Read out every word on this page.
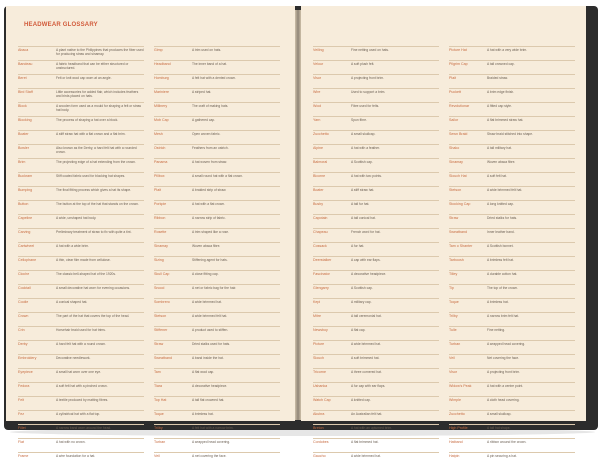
HEADWEAR GLOSSARY
Abaca	A plant native to the Philippines that produces the fiber used for producing straw and sinamay.
Bandeau	A fabric headband that can be either structured or unstructured.
Beret	Felt or knit wool cap worn at an angle.
Bird Staff	Little accessories for added flair, which includes feathers and birds placed on hats.
Block	A wooden form used as a mould for shaping a felt or straw hat body.
Blocking	The process of shaping a hat over a block.
Boater	A stiff straw hat with a flat crown and a flat brim.
Bowler	Also known as the Derby, a hard felt hat with a rounded crown.
Brim	The projecting edge of a hat extending from the crown.
Buckram	Stiff coated fabric used for blocking hat shapes.
Bumping	The final fitting process which gives a hat its shape.
Button	The button at the top of the hat that stands on the crown.
Capeline	A wide, unshaped hat body.
Carving	Preliminary treatment of straw to fix with quite a tint.
Cartwheel	A hat with a wide brim.
Cellophane	A thin, clear film made from cellulose.
Cloche	The classic bell-shaped hat of the 1920s.
Cocktail	A small decorative hat worn for evening occasions.
Coolie	A conical shaped hat.
Crown	The part of the hat that covers the top of the head.
Crin	Horsehair braid used for hat trims.
Derby	A hard felt hat with a round crown.
Embroidery	Decorative needlework.
Eyepiece	A small hat worn over one eye.
Fedora	A soft felt hat with a pinched crown.
Felt	A textile produced by matting fibres.
Fez	A cylindrical hat with a flat top.
Fillet	A narrow band worn around the head.
Flat	A hat with no crown.
Frame	A wire foundation for a hat.
Gimp	A trim used on hats.
Headband	The inner band of a hat.
Homburg	A felt hat with a dented crown.
Mariniere	A striped hat.
Millinery	The craft of making hats.
Mob Cap	A gathered cap.
Mesh	Open woven fabric.
Ostrich	Feathers from an ostrich.
Panama	A hat woven from straw.
Pillbox	A small round hat with a flat crown.
Plait	A braided strip of straw.
Porkpie	A hat with a flat crown.
Ribbon	A narrow strip of fabric.
Rosette	A trim shaped like a rose.
Sinamay	Woven abaca fibre.
Sizing	Stiffening agent for hats.
Skull Cap	A close fitting cap.
Snood	A net or fabric bag for the hair.
Sombrero	A wide brimmed hat.
Stetson	A wide brimmed felt hat.
Stiffener	A product used to stiffen.
Straw	Dried stalks used for hats.
Sweatband	A band inside the hat.
Tam	A flat wool cap.
Tiara	A decorative headpiece.
Top Hat	A tall flat crowned hat.
Toque	A brimless hat.
Trilby	A felt hat with a narrow brim.
Turban	A wrapped head covering.
Veil	A net covering the face.
Veiling	Fine netting used on hats.
Velour	A soft plush felt.
Visor	A projecting front brim.
Wire	Used to support a brim.
Wool	Fibre used for felts.
Yarn	Spun fibre.
Zucchetto	A small skullcap.
Alpine	A hat with a feather.
Balmoral	A Scottish cap.
Bicorne	A hat with two points.
Boater	A stiff straw hat.
Busby	A tall fur hat.
Capotain	A tall conical hat.
Chapeau	French word for hat.
Cossack	A fur hat.
Deerstalker	A cap with ear flaps.
Fascinator	A decorative headpiece.
Glengarry	A Scottish cap.
Kepi	A military cap.
Mitre	A tall ceremonial hat.
Newsboy	A flat cap.
Picture	A wide brimmed hat.
Slouch	A soft brimmed hat.
Tricorne	A three cornered hat.
Ushanka	A fur cap with ear flaps.
Watch Cap	A knitted cap.
Akubra	An Australian felt hat.
Breton	A hat with an upturned brim.
Cordobes	A flat brimmed hat.
Gaucho	A wide brimmed hat.
Picture Hat	A hat with a very wide brim.
Pilgrim Cap	A tall crowned cap.
Plait	Braided straw.
Puckett	A brim edge finish.
Revolutionar	A fitted cap style.
Sailor	A flat brimmed straw hat.
Sewn Braid	Straw braid stitched into shape.
Shako	A tall military hat.
Sinamay	Woven abaca fibre.
Slouch Hat	A soft felt hat.
Stetson	A wide brimmed felt hat.
Stocking Cap	A long knitted cap.
Straw	Dried stalks for hats.
Sweatband	Inner leather band.
Tam o Shanter	A Scottish bonnet.
Tarboosh	A brimless felt hat.
Tilley	A durable cotton hat.
Tip	The top of the crown.
Toque	A brimless hat.
Trilby	A narrow brim felt hat.
Tulle	Fine netting.
Turban	A wrapped head covering.
Veil	Net covering the face.
Visor	A projecting front brim.
Widow's Peak	A hat with a centre point.
Wimple	A cloth head covering.
Zucchetto	A small skullcap.
High Profile	A tall hat shape.
Hatband	A ribbon around the crown.
Hatpin	A pin securing a hat.
